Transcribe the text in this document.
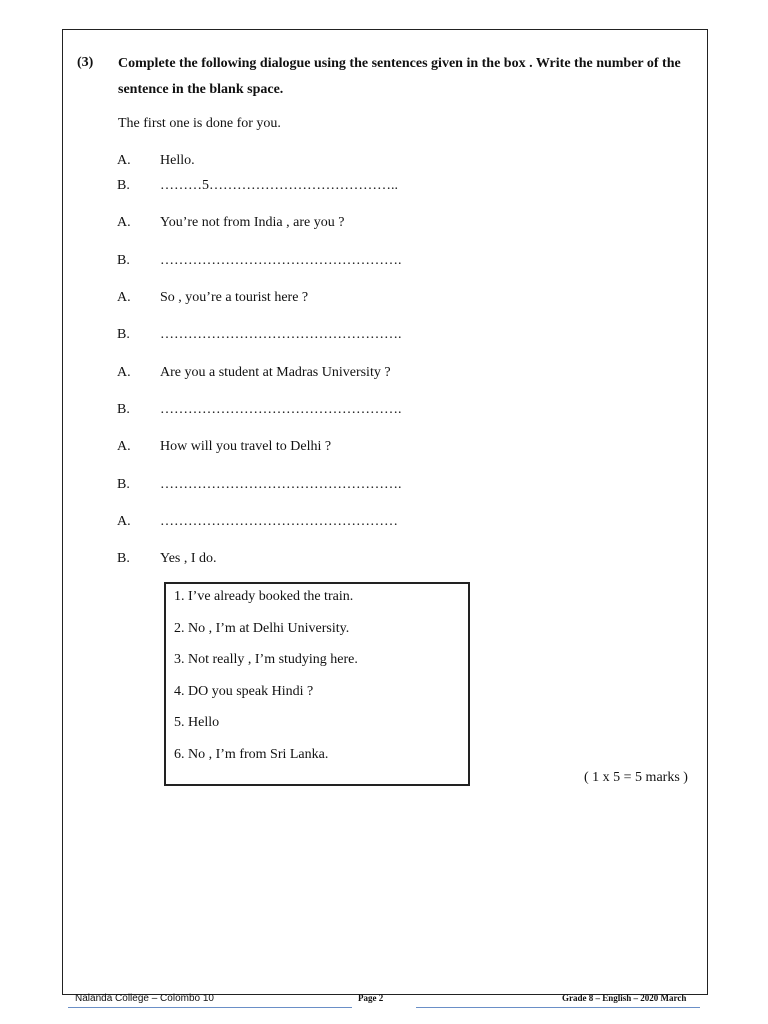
(3) Complete the following dialogue using the sentences given in the box . Write the number of the
sentence in the blank space.
The first one is done for you.
A. Hello.
B. ………5…………………………………..
A. You’re not from India , are you ?
B. …………………………………………….
A. So , you’re a tourist here ?
B. …………………………………………….
A. Are you a student at Madras University ?
B. …………………………………………….
A. How will you travel to Delhi ?
B. …………………………………………….
A. ……………………………………………
B. Yes , I do.
1. I’ve already booked the train.
2. No , I’m at Delhi University.
3. Not really , I’m studying here.
4. DO you speak Hindi ?
5. Hello
6. No , I’m from Sri Lanka.
( 1 x 5 = 5 marks )
Nalanda College – Colombo 10	Page 2	Grade 8 – English – 2020 March
